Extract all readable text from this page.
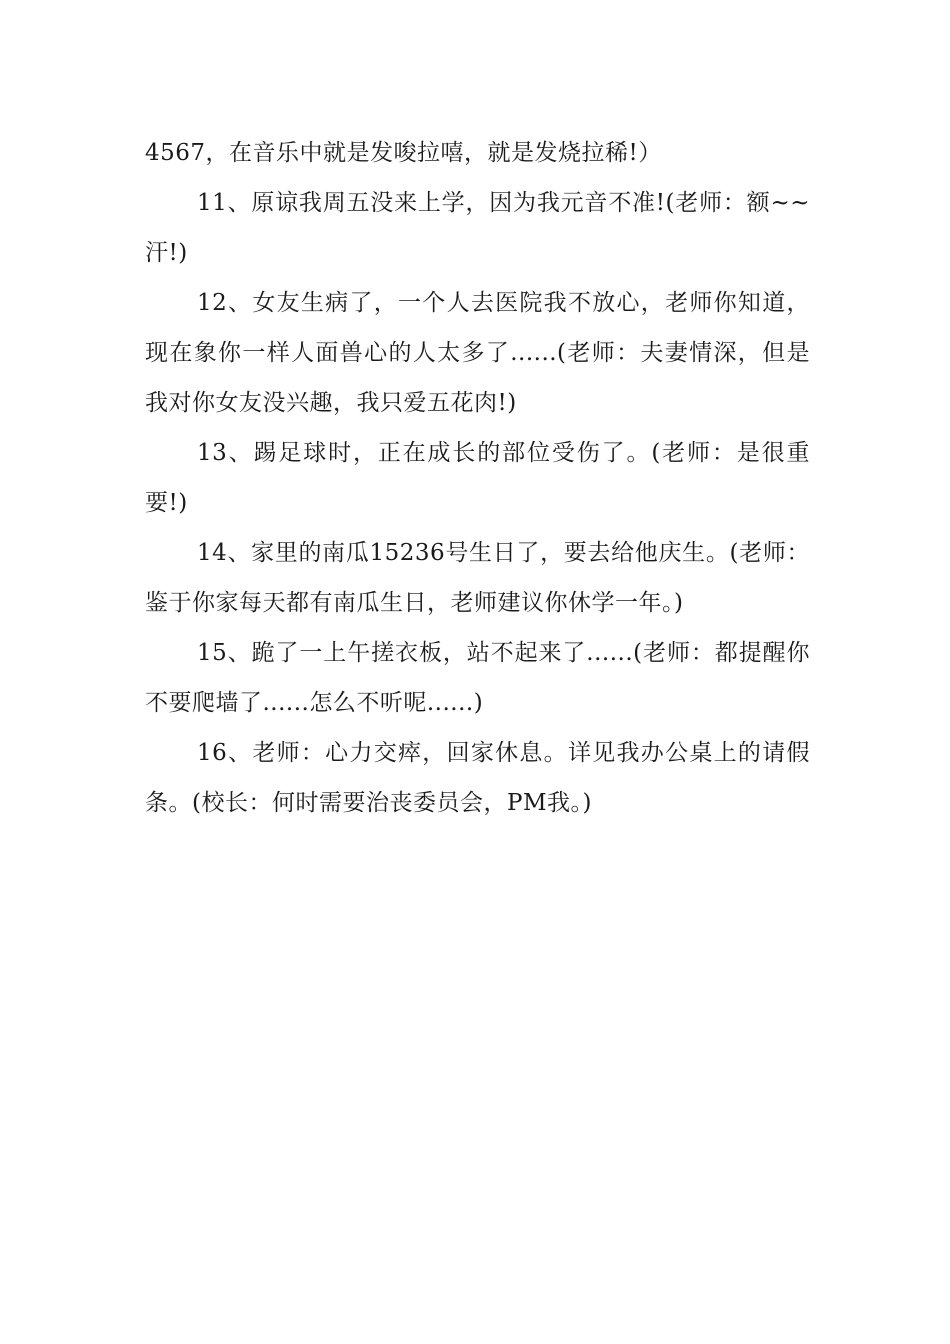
4567，在音乐中就是发唆拉嘻，就是发烧拉稀!）

11、原谅我周五没来上学，因为我元音不准!(老师：额~~汗!)

12、女友生病了，一个人去医院我不放心，老师你知道，现在象你一样人面兽心的人太多了......(老师：夫妻情深，但是我对你女友没兴趣，我只爱五花肉!)

13、踢足球时，正在成长的部位受伤了。(老师：是很重要!)

14、家里的南瓜15236号生日了，要去给他庆生。(老师：鉴于你家每天都有南瓜生日，老师建议你休学一年。)

15、跪了一上午搓衣板，站不起来了......(老师：都提醒你不要爬墙了......怎么不听呢......)

16、老师：心力交瘁，回家休息。详见我办公桌上的请假条。(校长：何时需要治丧委员会，PM我。)
